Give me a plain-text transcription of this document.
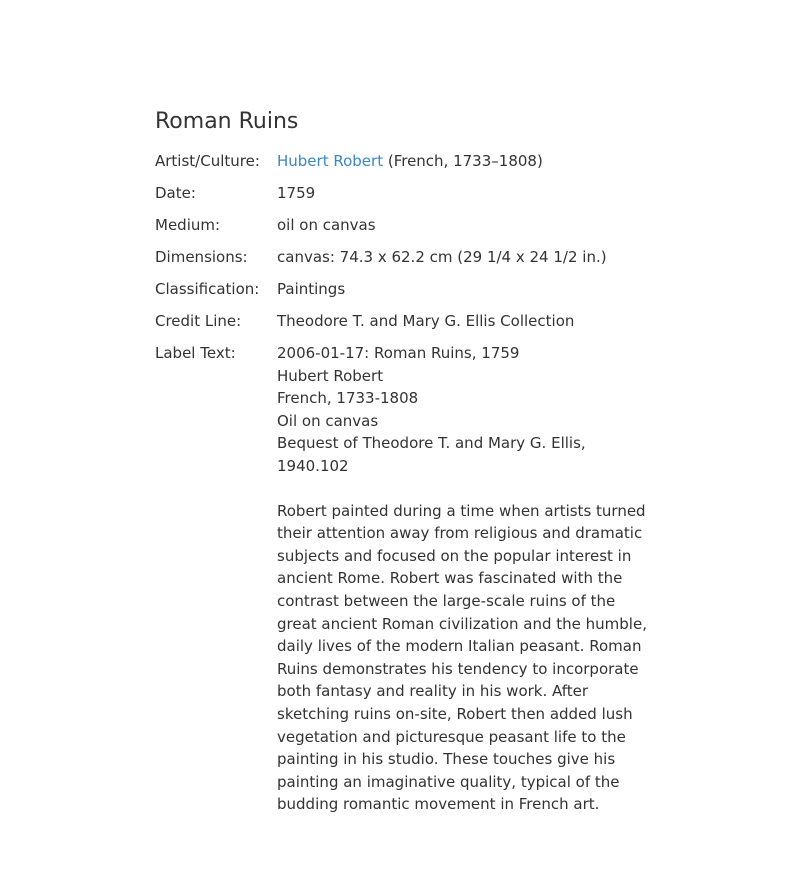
Roman Ruins
Artist/Culture:	Hubert Robert (French, 1733–1808)
Date:	1759
Medium:	oil on canvas
Dimensions:	canvas: 74.3 x 62.2 cm (29 1/4 x 24 1/2 in.)
Classification:	Paintings
Credit Line:	Theodore T. and Mary G. Ellis Collection
Label Text:	2006-01-17: Roman Ruins, 1759
Hubert Robert
French, 1733-1808
Oil on canvas
Bequest of Theodore T. and Mary G. Ellis, 1940.102
Robert painted during a time when artists turned their attention away from religious and dramatic subjects and focused on the popular interest in ancient Rome. Robert was fascinated with the contrast between the large-scale ruins of the great ancient Roman civilization and the humble, daily lives of the modern Italian peasant. Roman Ruins demonstrates his tendency to incorporate both fantasy and reality in his work. After sketching ruins on-site, Robert then added lush vegetation and picturesque peasant life to the painting in his studio. These touches give his painting an imaginative quality, typical of the budding romantic movement in French art.
